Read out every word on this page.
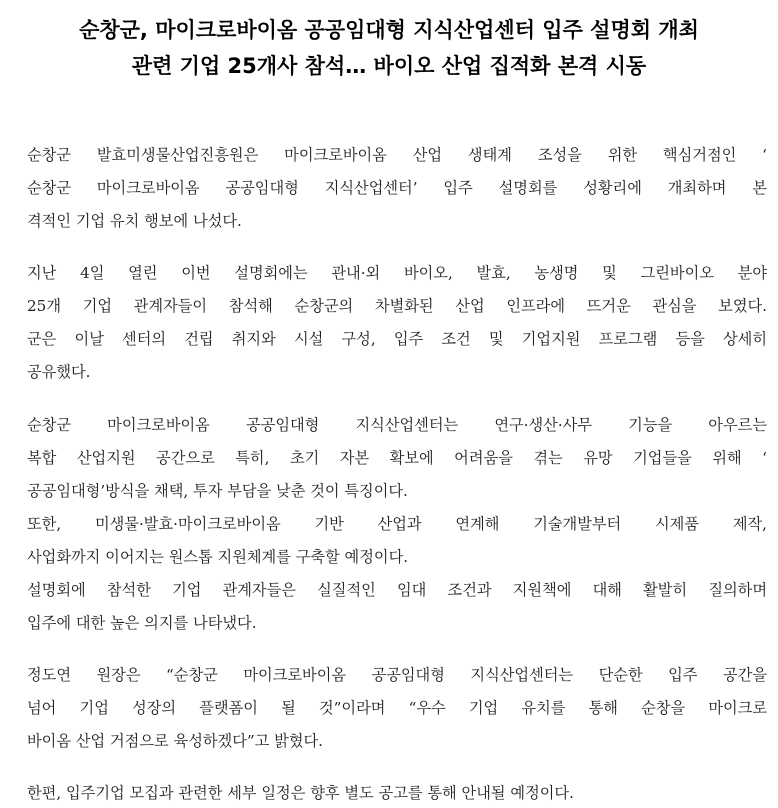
순창군, 마이크로바이옴 공공임대형 지식산업센터 입주 설명회 개최
관련 기업 25개사 참석… 바이오 산업 집적화 본격 시동
순창군 발효미생물산업진흥원은 마이크로바이옴 산업 생태계 조성을 위한 핵심거점인 ‘
순창군 마이크로바이옴 공공임대형 지식산업센터’ 입주 설명회를 성황리에 개최하며 본
격적인 기업 유치 행보에 나섰다.
지난 4일 열린 이번 설명회에는 관내·외 바이오, 발효, 농생명 및 그린바이오 분야
25개 기업 관계자들이 참석해 순창군의 차별화된 산업 인프라에 뜨거운 관심을 보였다.
군은 이날 센터의 건립 취지와 시설 구성, 입주 조건 및 기업지원 프로그램 등을 상세히
공유했다.
순창군 마이크로바이옴 공공임대형 지식산업센터는 연구·생산·사무 기능을 아우르는
복합 산업지원 공간으로 특히, 초기 자본 확보에 어려움을 겪는 유망 기업들을 위해 ‘
공공임대형’방식을 채택, 투자 부담을 낮춘 것이 특징이다.
또한, 미생물·발효·마이크로바이옴 기반 산업과 연계해 기술개발부터 시제품 제작,
사업화까지 이어지는 원스톱 지원체계를 구축할 예정이다.
설명회에 참석한 기업 관계자들은 실질적인 임대 조건과 지원책에 대해 활발히 질의하며
입주에 대한 높은 의지를 나타냈다.
정도연 원장은 “순창군 마이크로바이옴 공공임대형 지식산업센터는 단순한 입주 공간을
넘어 기업 성장의 플랫폼이 될 것”이라며 “우수 기업 유치를 통해 순창을 마이크로
바이옴 산업 거점으로 육성하겠다”고 밝혔다.
한편, 입주기업 모집과 관련한 세부 일정은 향후 별도 공고를 통해 안내될 예정이다.
